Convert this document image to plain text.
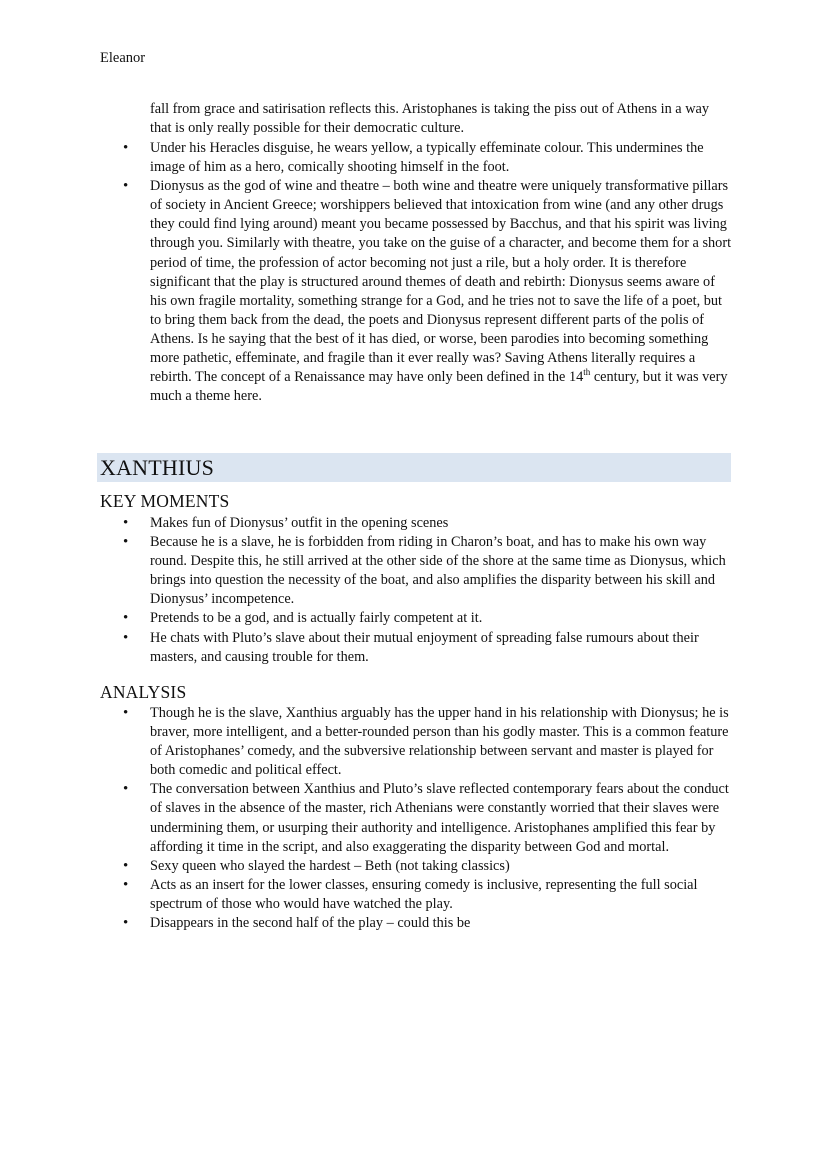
Eleanor

fall from grace and satirisation reflects this. Aristophanes is taking the piss out of Athens in a way that is only really possible for their democratic culture.

• Under his Heracles disguise, he wears yellow, a typically effeminate colour. This undermines the image of him as a hero, comically shooting himself in the foot.
• Dionysus as the god of wine and theatre – both wine and theatre were uniquely transformative pillars of society in Ancient Greece; worshippers believed that intoxication from wine (and any other drugs they could find lying around) meant you became possessed by Bacchus, and that his spirit was living through you. Similarly with theatre, you take on the guise of a character, and become them for a short period of time, the profession of actor becoming not just a rile, but a holy order. It is therefore significant that the play is structured around themes of death and rebirth: Dionysus seems aware of his own fragile mortality, something strange for a God, and he tries not to save the life of a poet, but to bring them back from the dead, the poets and Dionysus represent different parts of the polis of Athens. Is he saying that the best of it has died, or worse, been parodies into becoming something more pathetic, effeminate, and fragile than it ever really was? Saving Athens literally requires a rebirth. The concept of a Renaissance may have only been defined in the 14th century, but it was very much a theme here.
XANTHIUS
KEY MOMENTS
• Makes fun of Dionysus’ outfit in the opening scenes
• Because he is a slave, he is forbidden from riding in Charon’s boat, and has to make his own way round. Despite this, he still arrived at the other side of the shore at the same time as Dionysus, which brings into question the necessity of the boat, and also amplifies the disparity between his skill and Dionysus’ incompetence.
• Pretends to be a god, and is actually fairly competent at it.
• He chats with Pluto’s slave about their mutual enjoyment of spreading false rumours about their masters, and causing trouble for them.
ANALYSIS
• Though he is the slave, Xanthius arguably has the upper hand in his relationship with Dionysus; he is braver, more intelligent, and a better-rounded person than his godly master. This is a common feature of Aristophanes’ comedy, and the subversive relationship between servant and master is played for both comedic and political effect.
• The conversation between Xanthius and Pluto’s slave reflected contemporary fears about the conduct of slaves in the absence of the master, rich Athenians were constantly worried that their slaves were undermining them, or usurping their authority and intelligence. Aristophanes amplified this fear by affording it time in the script, and also exaggerating the disparity between God and mortal.
• Sexy queen who slayed the hardest – Beth (not taking classics)
• Acts as an insert for the lower classes, ensuring comedy is inclusive, representing the full social spectrum of those who would have watched the play.
• Disappears in the second half of the play – could this be
